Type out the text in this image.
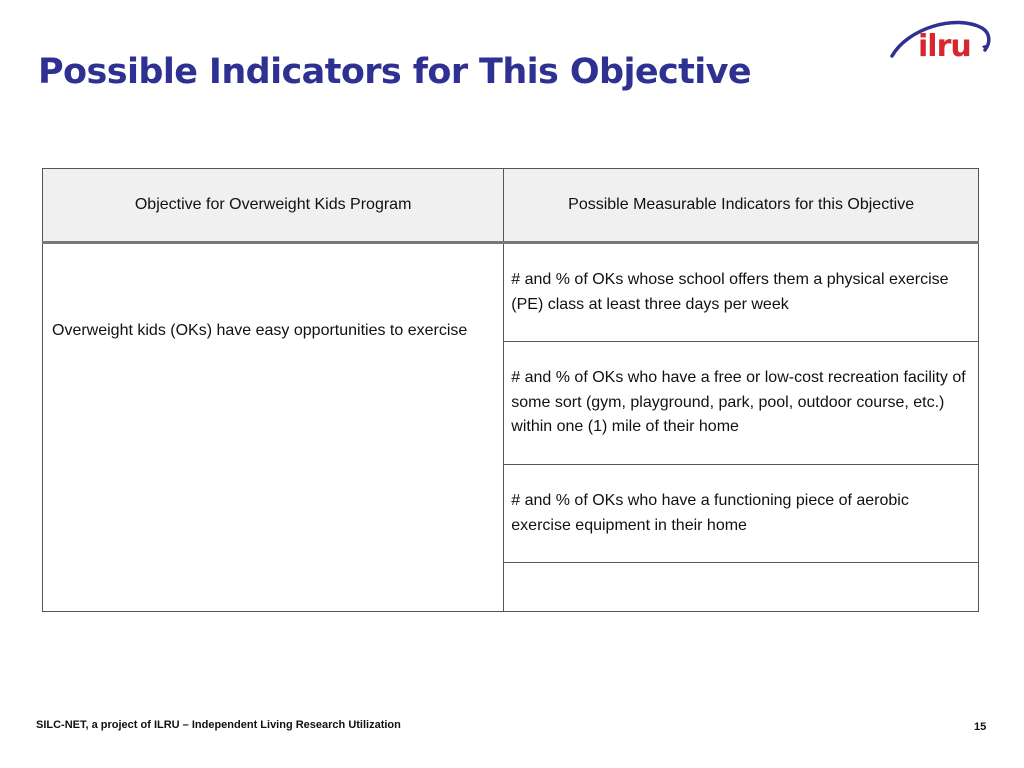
Possible Indicators for This Objective
ilru
Objective for Overweight Kids Program	Possible Measurable Indicators for this Objective

Overweight kids (OKs) have easy opportunities to exercise	# and % of OKs whose school offers them a physical exercise (PE) class at least three days per week
	# and % of OKs who have a free or low-cost recreation facility of some sort (gym, playground, park, pool, outdoor course, etc.) within one (1) mile of their home
	# and % of OKs who have a functioning piece of aerobic exercise equipment in their home

SILC-NET, a project of ILRU – Independent Living Research Utilization	15
